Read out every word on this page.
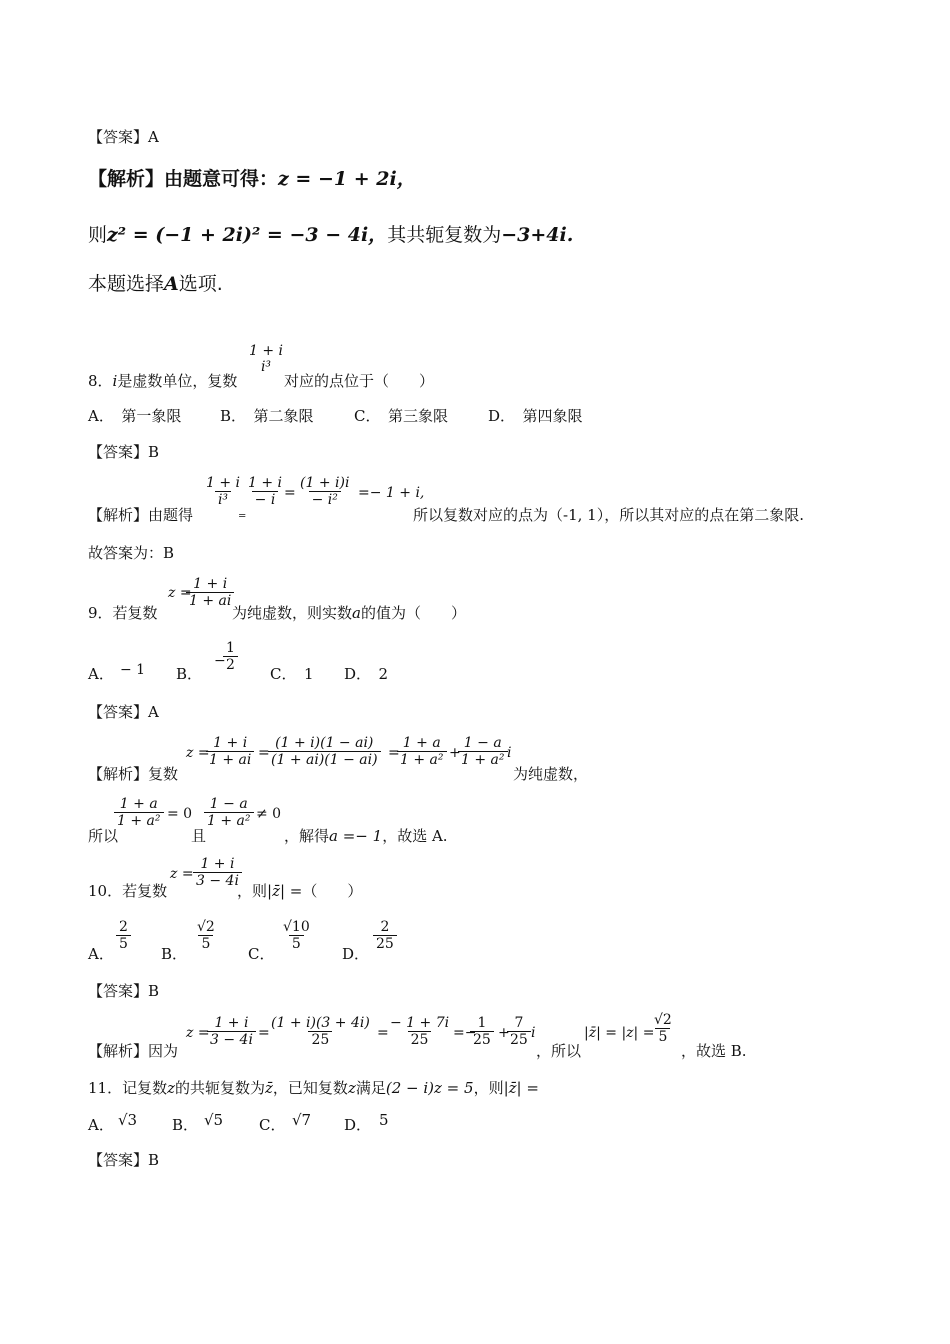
【答案】A
【解析】由题意可得：z = −1 + 2i，
则z² = (−1 + 2i)² = −3 − 4i，其共轭复数为−3+4i.
本题选择A选项.
8．i是虚数单位，复数
1 + i
i³
对应的点位于（　　）
A．　第一象限	B．　第二象限	C．　第三象限	D．　第四象限
【答案】B
【解析】由题得
$\frac{1 + i}{\text{i³}}$
=
$\frac{1 + i}{- i}$
= $\frac{(1 + i)i}{\text{− i²}} =- 1 + i$,
所以复数对应的点为（-1, 1），所以其对应的点在第二象限.
故答案为：B
9．若复数
z =
$\frac{1 + i}{1 + ai}$
为纯虚数，则实数a的值为（　　）
A． − 1 B．
−
$\frac{1}{2}$
C．　1 D．　2
【答案】A
【解析】复数
z =
$\frac{1 + i}{1 + ai}$ =
$\frac{(1 + i)(1 - ai)}{(1 + ai)(1 - ai)}$ =
$\frac{1 + a}{\text{1 + a²}}$ +
$\frac{1 - a}{\text{1 + a²}}$ i
为纯虚数，
所以
$\frac{1 + a}{\text{1 + a²}} = 0$
且
$\frac{1 - a}{\text{1 + a²}} \ne 0$
，解得a =− 1，故选 A.
10．若复数
$z = \frac{1 + i}{3 - 4i}$
，则|z̄| =（　　）
A．
$\frac{2}{5}$
B．
$\frac{√2}{5}$
C．
$\frac{√10}{5}$
D．
$\frac{2}{25}$
【答案】B
【解析】因为
z =
$\frac{1 + i}{3 - 4i}$ =
$\frac{(1 + i)(3 + 4i)}{25}$ =
$\frac{- 1 + 7i}{25}$ =−
$\frac{1}{25}$ +
$\frac{7}{25}$ i
，所以
|z̄| = |z| =
$\frac{√2}{5}$
，故选 B.
11．记复数z的共轭复数为z̄，已知复数z满足(2 − i)z = 5，则|z̄| =
A． √3 B． √5 C． √7 D． 5
【答案】B
